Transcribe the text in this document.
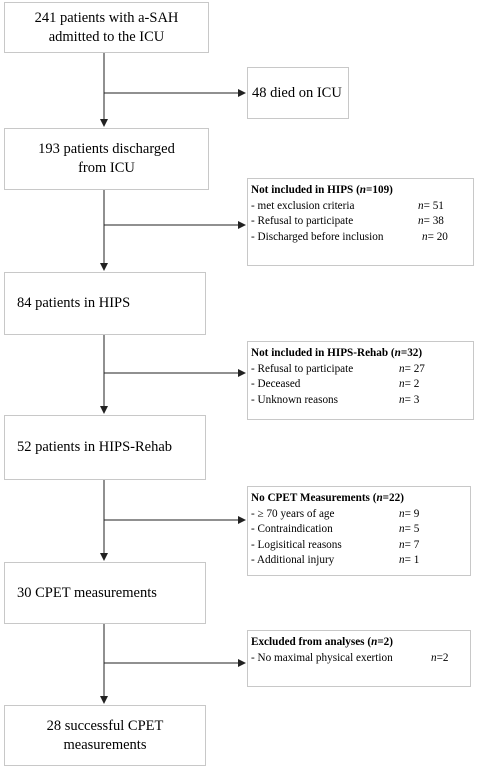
241 patients with a-SAH
admitted to the ICU
48 died on ICU
193 patients discharged
from ICU
Not included in HIPS (n=109)
- met exclusion criteria	n= 51
- Refusal to participate	n= 38
- Discharged before inclusion	n= 20
84 patients in HIPS
Not included in HIPS-Rehab (n=32)
- Refusal to participate	n= 27
- Deceased	n= 2
- Unknown reasons	n= 3
52 patients in HIPS-Rehab
No CPET Measurements (n=22)
- ≥ 70 years of age	n= 9
- Contraindication	n= 5
- Logisitical reasons	n= 7
- Additional injury	n= 1
30 CPET measurements
Excluded from analyses (n=2)
- No maximal physical exertion	n=2
28 successful CPET
measurements
